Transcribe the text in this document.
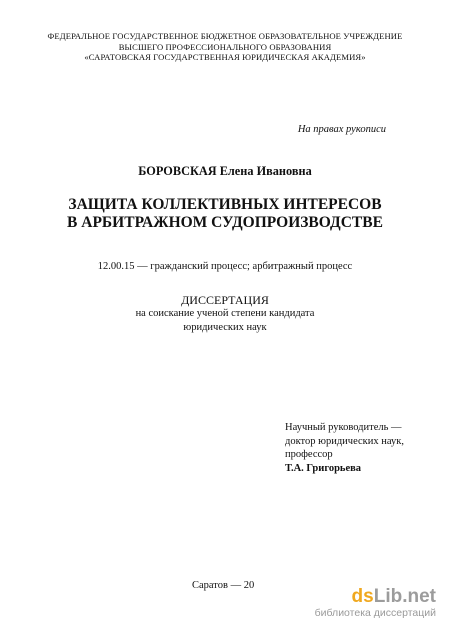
ФЕДЕРАЛЬНОЕ ГОСУДАРСТВЕННОЕ БЮДЖЕТНОЕ ОБРАЗОВАТЕЛЬНОЕ УЧРЕЖДЕНИЕ
ВЫСШЕГО ПРОФЕССИОНАЛЬНОГО ОБРАЗОВАНИЯ
«САРАТОВСКАЯ ГОСУДАРСТВЕННАЯ ЮРИДИЧЕСКАЯ АКАДЕМИЯ»
На правах рукописи
БОРОВСКАЯ Елена Ивановна
ЗАЩИТА КОЛЛЕКТИВНЫХ ИНТЕРЕСОВ
В АРБИТРАЖНОМ СУДОПРОИЗВОДСТВЕ
12.00.15 — гражданский процесс; арбитражный процесс
ДИССЕРТАЦИЯ
на соискание ученой степени кандидата
юридических наук
Научный руководитель —
доктор юридических наук,
профессор
Т.А. Григорьева
Саратов — 20
dsLib.net
библиотека диссертаций
